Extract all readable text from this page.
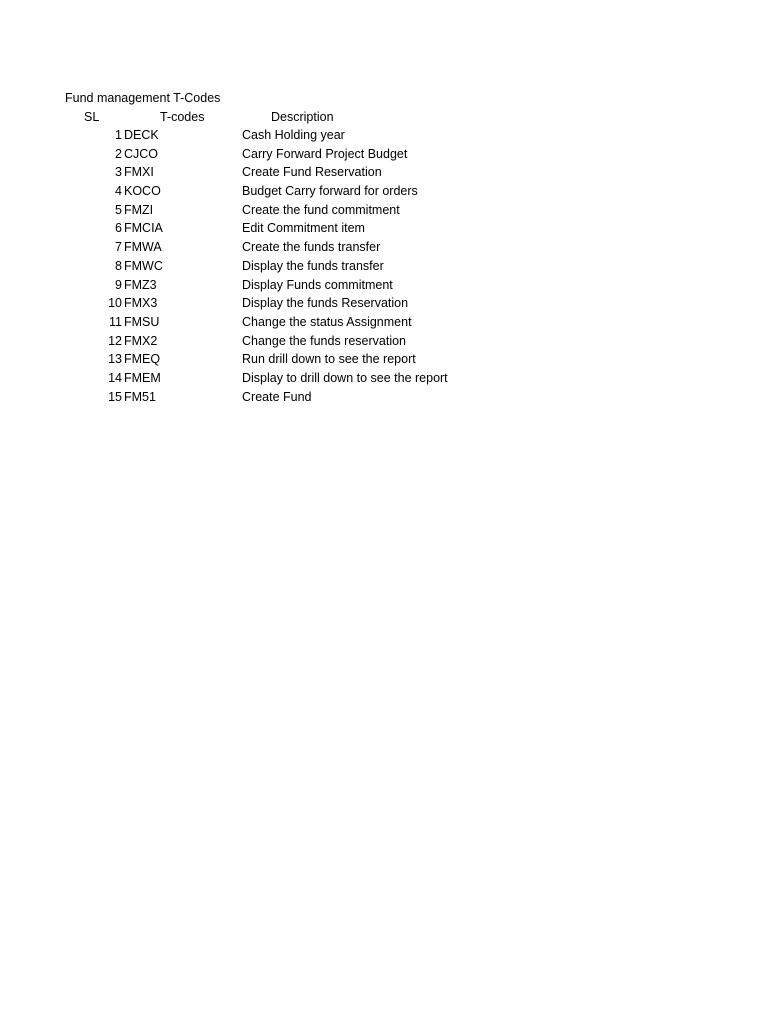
Fund management T-Codes
SL	T-codes	Description
1 DECK	Cash Holding year
2 CJCO	Carry Forward Project Budget
3 FMXI	Create Fund Reservation
4 KOCO	Budget Carry forward for orders
5 FMZI	Create the fund commitment
6 FMCIA	Edit Commitment item
7 FMWA	Create the funds transfer
8 FMWC	Display the funds transfer
9 FMZ3	Display Funds commitment
10 FMX3	Display the funds Reservation
11 FMSU	Change the status Assignment
12 FMX2	Change the funds reservation
13 FMEQ	Run drill down to see the report
14 FMEM	Display to drill down to see the report
15 FM51	Create Fund
